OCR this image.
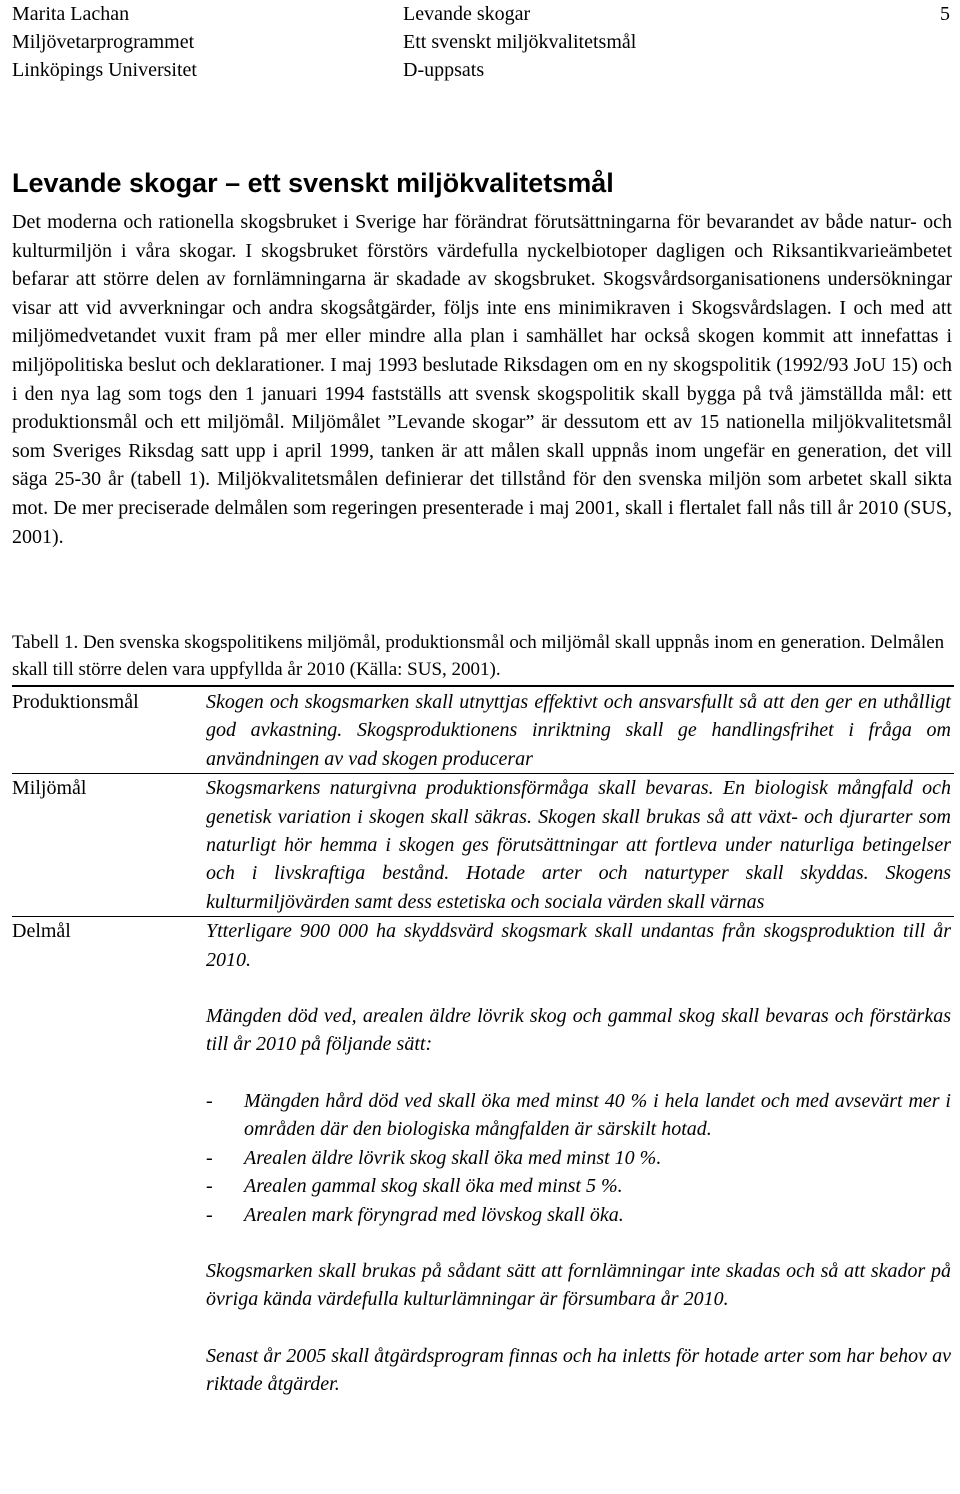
Marita Lachan
Miljövetarprogrammet
Linköpings Universitet
Levande skogar
Ett svenskt miljökvalitetsmål
D-uppsats
5
Levande skogar – ett svenskt miljökvalitetsmål

Det moderna och rationella skogsbruket i Sverige har förändrat förutsättningarna för bevarandet av både natur- och kulturmiljön i våra skogar. I skogsbruket förstörs värdefulla nyckelbiotoper dagligen och Riksantikvarieämbetet befarar att större delen av fornlämningarna är skadade av skogsbruket. Skogsvårdsorganisationens undersökningar visar att vid avverkningar och andra skogsåtgärder, följs inte ens minimikraven i Skogsvårdslagen. I och med att miljömedvetandet vuxit fram på mer eller mindre alla plan i samhället har också skogen kommit att innefattas i miljöpolitiska beslut och deklarationer. I maj 1993 beslutade Riksdagen om en ny skogspolitik (1992/93 JoU 15) och i den nya lag som togs den 1 januari 1994 fastställs att svensk skogspolitik skall bygga på två jämställda mål: ett produktionsmål och ett miljömål. Miljömålet ”Levande skogar” är dessutom ett av 15 nationella miljökvalitetsmål som Sveriges Riksdag satt upp i april 1999, tanken är att målen skall uppnås inom ungefär en generation, det vill säga 25-30 år (tabell 1). Miljökvalitetsmålen definierar det tillstånd för den svenska miljön som arbetet skall sikta mot. De mer preciserade delmålen som regeringen presenterade i maj 2001, skall i flertalet fall nås till år 2010 (SUS, 2001).

Tabell 1. Den svenska skogspolitikens miljömål, produktionsmål och miljömål skall uppnås inom en generation. Delmålen skall till större delen vara uppfyllda år 2010 (Källa: SUS, 2001).

Produktionsmål	Skogen och skogsmarken skall utnyttjas effektivt och ansvarsfullt så att den ger en uthålligt god avkastning. Skogsproduktionens inriktning skall ge handlingsfrihet i fråga om användningen av vad skogen producerar

Miljömål	Skogsmarkens naturgivna produktionsförmåga skall bevaras. En biologisk mångfald och genetisk variation i skogen skall säkras. Skogen skall brukas så att växt- och djurarter som naturligt hör hemma i skogen ges förutsättningar att fortleva under naturliga betingelser och i livskraftiga bestånd. Hotade arter och naturtyper skall skyddas. Skogens kulturmiljövärden samt dess estetiska och sociala värden skall värnas

Delmål	Ytterligare 900 000 ha skyddsvärd skogsmark skall undantas från skogsproduktion till år 2010.

Mängden död ved, arealen äldre lövrik skog och gammal skog skall bevaras och förstärkas till år 2010 på följande sätt:

- Mängden hård död ved skall öka med minst 40 % i hela landet och med avsevärt mer i områden där den biologiska mångfalden är särskilt hotad.
- Arealen äldre lövrik skog skall öka med minst 10 %.
- Arealen gammal skog skall öka med minst 5 %.
- Arealen mark föryngrad med lövskog skall öka.

Skogsmarken skall brukas på sådant sätt att fornlämningar inte skadas och så att skador på övriga kända värdefulla kulturlämningar är försumbara år 2010.

Senast år 2005 skall åtgärdsprogram finnas och ha inletts för hotade arter som har behov av riktade åtgärder.
